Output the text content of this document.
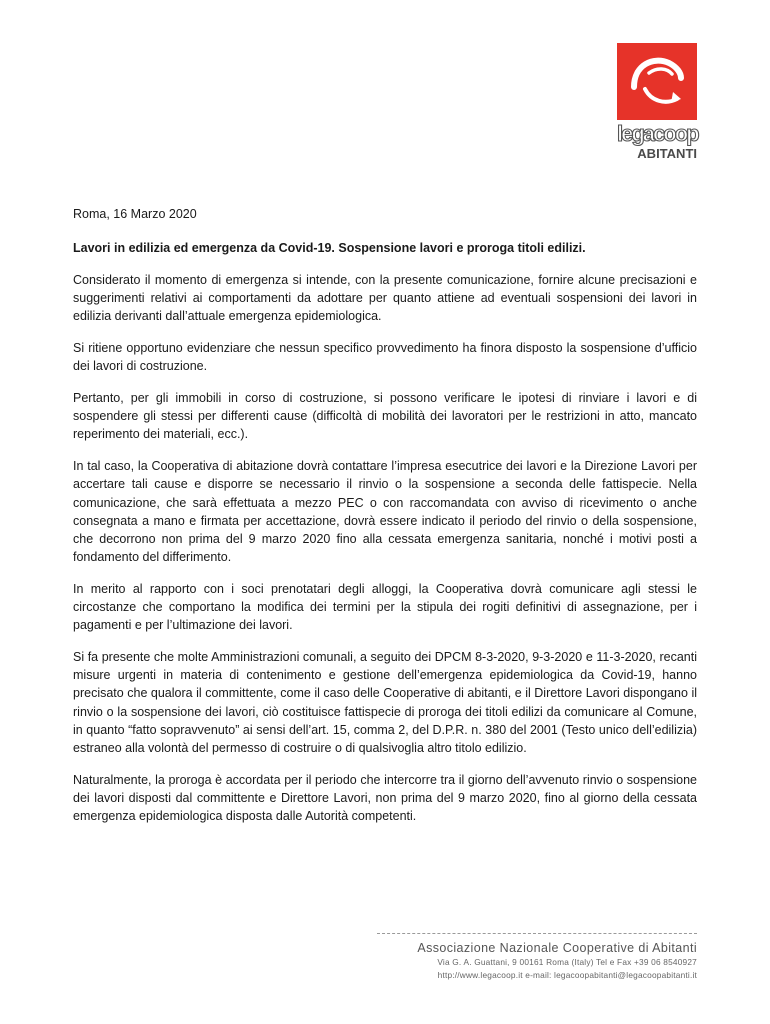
legacoop
ABITANTI

Roma, 16 Marzo 2020

Lavori in edilizia ed emergenza da Covid-19. Sospensione lavori e proroga titoli edilizi.

Considerato il momento di emergenza si intende, con la presente comunicazione, fornire alcune precisazioni e suggerimenti relativi ai comportamenti da adottare per quanto attiene ad eventuali sospensioni dei lavori in edilizia derivanti dall’attuale emergenza epidemiologica.

Si ritiene opportuno evidenziare che nessun specifico provvedimento ha finora disposto la sospensione d’ufficio dei lavori di costruzione.

Pertanto, per gli immobili in corso di costruzione, si possono verificare le ipotesi di rinviare i lavori e di sospendere gli stessi per differenti cause (difficoltà di mobilità dei lavoratori per le restrizioni in atto, mancato reperimento dei materiali, ecc.).

In tal caso, la Cooperativa di abitazione dovrà contattare l’impresa esecutrice dei lavori e la Direzione Lavori per accertare tali cause e disporre se necessario il rinvio o la sospensione a seconda delle fattispecie. Nella comunicazione, che sarà effettuata a mezzo PEC o con raccomandata con avviso di ricevimento o anche consegnata a mano e firmata per accettazione, dovrà essere indicato il periodo del rinvio o della sospensione, che decorrono non prima del 9 marzo 2020 fino alla cessata emergenza sanitaria, nonché i motivi posti a fondamento del differimento.

In merito al rapporto con i soci prenotatari degli alloggi, la Cooperativa dovrà comunicare agli stessi le circostanze che comportano la modifica dei termini per la stipula dei rogiti definitivi di assegnazione, per i pagamenti e per l’ultimazione dei lavori.

Si fa presente che molte Amministrazioni comunali, a seguito dei DPCM 8-3-2020, 9-3-2020 e 11-3-2020, recanti misure urgenti in materia di contenimento e gestione dell’emergenza epidemiologica da Covid-19, hanno precisato che qualora il committente, come il caso delle Cooperative di abitanti, e il Direttore Lavori dispongano il rinvio o la sospensione dei lavori, ciò costituisce fattispecie di proroga dei titoli edilizi da comunicare al Comune, in quanto “fatto sopravvenuto” ai sensi dell’art. 15, comma 2, del D.P.R. n. 380 del 2001 (Testo unico dell’edilizia) estraneo alla volontà del permesso di costruire o di qualsivoglia altro titolo edilizio.

Naturalmente, la proroga è accordata per il periodo che intercorre tra il giorno dell’avvenuto rinvio o sospensione dei lavori disposti dal committente e Direttore Lavori, non prima del 9 marzo 2020, fino al giorno della cessata emergenza epidemiologica disposta dalle Autorità competenti.

Associazione Nazionale Cooperative di Abitanti
Via G. A. Guattani, 9 00161 Roma (Italy) Tel e Fax +39 06 8540927
http://www.legacoop.it e-mail: legacoopabitanti@legacoopabitanti.it
